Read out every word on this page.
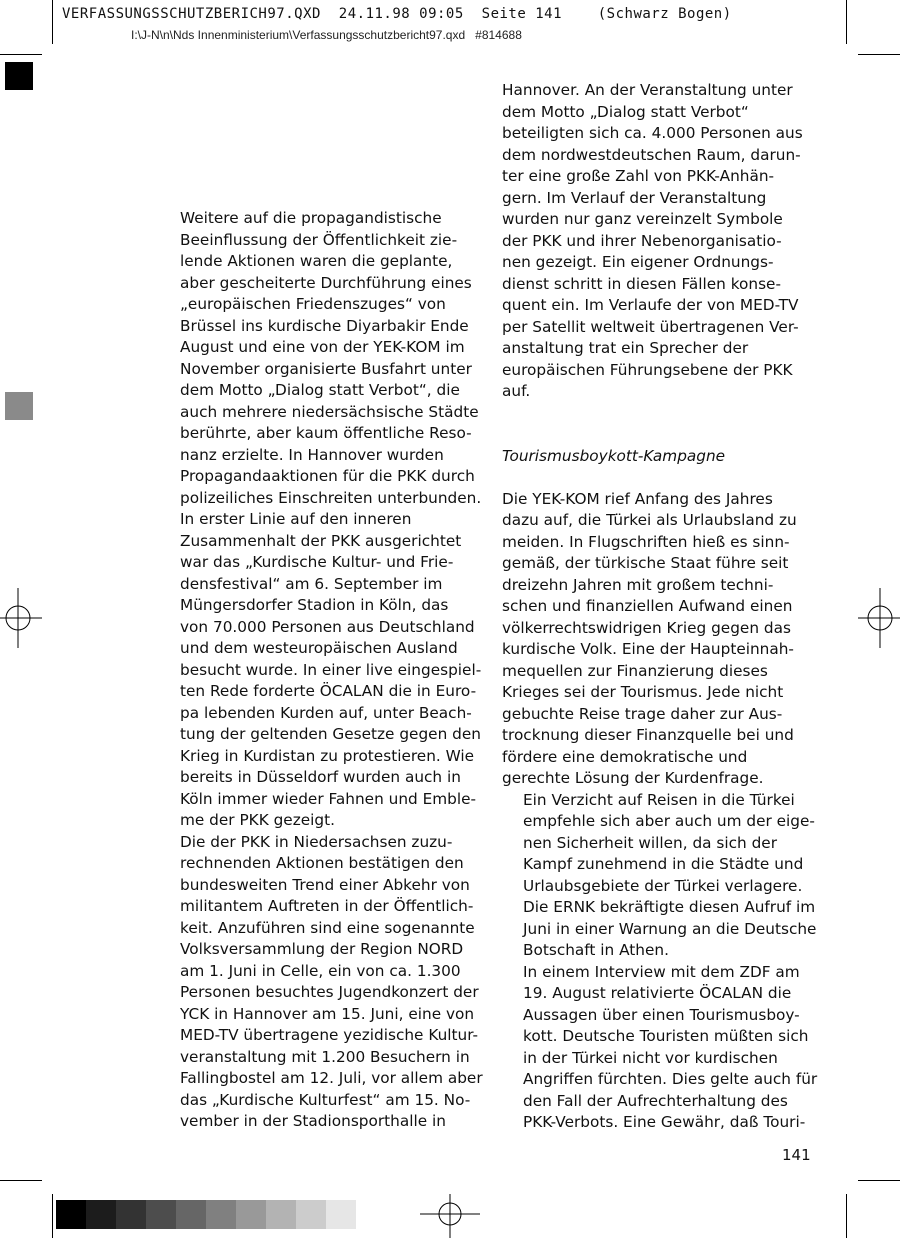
VERFASSUNGSSCHUTZBERICH97.QXD  24.11.98 09:05  Seite 141    (Schwarz Bogen)
I:\J-N\n\Nds Innenministerium\Verfassungsschutzbericht97.qxd   #814688

Weitere auf die propagandistische
Beeinflussung der Öffentlichkeit zie-
lende Aktionen waren die geplante,
aber gescheiterte Durchführung eines
„europäischen Friedenszuges“ von
Brüssel ins kurdische Diyarbakir Ende
August und eine von der YEK-KOM im
November organisierte Busfahrt unter
dem Motto „Dialog statt Verbot“, die
auch mehrere niedersächsische Städte
berührte, aber kaum öffentliche Reso-
nanz erzielte. In Hannover wurden
Propagandaaktionen für die PKK durch
polizeiliches Einschreiten unterbunden.

In erster Linie auf den inneren
Zusammenhalt der PKK ausgerichtet
war das „Kurdische Kultur- und Frie-
densfestival“ am 6. September im
Müngersdorfer Stadion in Köln, das
von 70.000 Personen aus Deutschland
und dem westeuropäischen Ausland
besucht wurde. In einer live eingespiel-
ten Rede forderte ÖCALAN die in Euro-
pa lebenden Kurden auf, unter Beach-
tung der geltenden Gesetze gegen den
Krieg in Kurdistan zu protestieren. Wie
bereits in Düsseldorf wurden auch in
Köln immer wieder Fahnen und Emble-
me der PKK gezeigt.

Die der PKK in Niedersachsen zuzu-
rechnenden Aktionen bestätigen den
bundesweiten Trend einer Abkehr von
militantem Auftreten in der Öffentlich-
keit. Anzuführen sind eine sogenannte
Volksversammlung der Region NORD
am 1. Juni in Celle, ein von ca. 1.300
Personen besuchtes Jugendkonzert der
YCK in Hannover am 15. Juni, eine von
MED-TV übertragene yezidische Kultur-
veranstaltung mit 1.200 Besuchern in
Fallingbostel am 12. Juli, vor allem aber
das „Kurdische Kulturfest“ am 15. No-
vember in der Stadionsporthalle in

Hannover. An der Veranstaltung unter
dem Motto „Dialog statt Verbot“
beteiligten sich ca. 4.000 Personen aus
dem nordwestdeutschen Raum, darun-
ter eine große Zahl von PKK-Anhän-
gern. Im Verlauf der Veranstaltung
wurden nur ganz vereinzelt Symbole
der PKK und ihrer Nebenorganisatio-
nen gezeigt. Ein eigener Ordnungs-
dienst schritt in diesen Fällen konse-
quent ein. Im Verlaufe der von MED-TV
per Satellit weltweit übertragenen Ver-
anstaltung trat ein Sprecher der
europäischen Führungsebene der PKK
auf.

Tourismusboykott-Kampagne

Die YEK-KOM rief Anfang des Jahres
dazu auf, die Türkei als Urlaubsland zu
meiden. In Flugschriften hieß es sinn-
gemäß, der türkische Staat führe seit
dreizehn Jahren mit großem techni-
schen und finanziellen Aufwand einen
völkerrechtswidrigen Krieg gegen das
kurdische Volk. Eine der Haupteinnah-
mequellen zur Finanzierung dieses
Krieges sei der Tourismus. Jede nicht
gebuchte Reise trage daher zur Aus-
trocknung dieser Finanzquelle bei und
fördere eine demokratische und
gerechte Lösung der Kurdenfrage.

Ein Verzicht auf Reisen in die Türkei
empfehle sich aber auch um der eige-
nen Sicherheit willen, da sich der
Kampf zunehmend in die Städte und
Urlaubsgebiete der Türkei verlagere.
Die ERNK bekräftigte diesen Aufruf im
Juni in einer Warnung an die Deutsche
Botschaft in Athen.

In einem Interview mit dem ZDF am
19. August relativierte ÖCALAN die
Aussagen über einen Tourismusboy-
kott. Deutsche Touristen müßten sich
in der Türkei nicht vor kurdischen
Angriffen fürchten. Dies gelte auch für
den Fall der Aufrechterhaltung des
PKK-Verbots. Eine Gewähr, daß Touri-

141
